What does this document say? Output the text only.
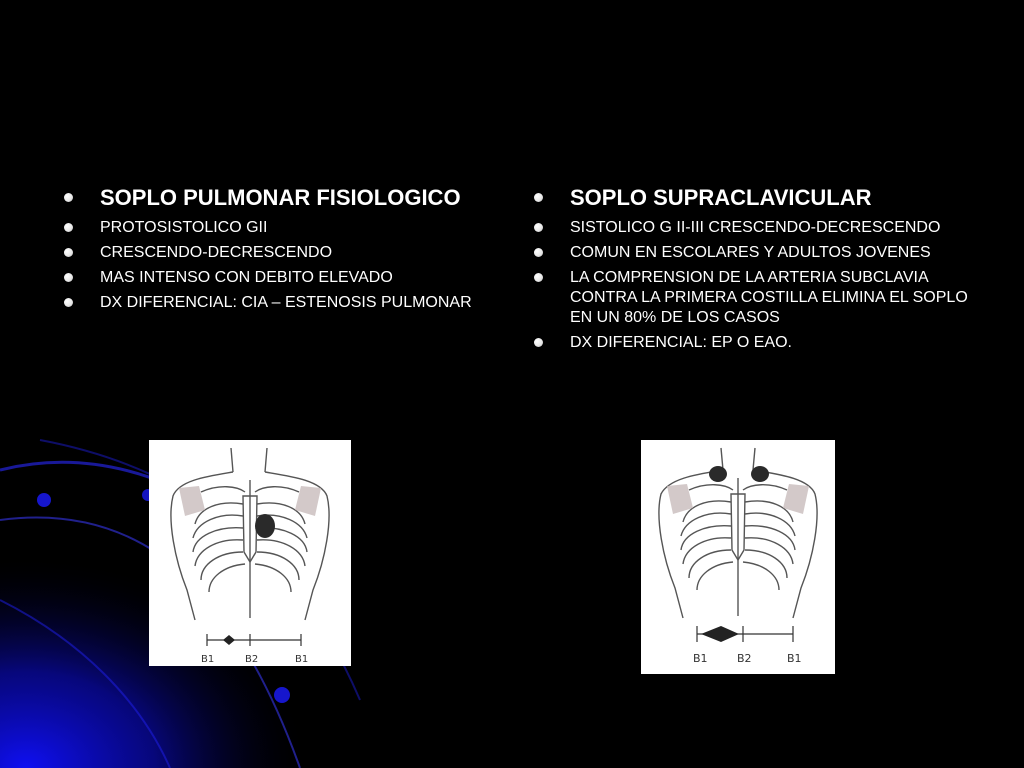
SOPLO PULMONAR FISIOLOGICO
PROTOSISTOLICO GII
CRESCENDO-DECRESCENDO
MAS INTENSO CON DEBITO ELEVADO
DX DIFERENCIAL: CIA – ESTENOSIS PULMONAR
SOPLO SUPRACLAVICULAR
SISTOLICO G II-III CRESCENDO-DECRESCENDO
COMUN EN ESCOLARES Y ADULTOS JOVENES
LA COMPRENSION DE LA ARTERIA SUBCLAVIA CONTRA LA PRIMERA COSTILLA ELIMINA EL SOPLO EN UN 80% DE LOS CASOS
DX DIFERENCIAL: EP O EAO.
B1	B2	B1	B1	B2	B1
